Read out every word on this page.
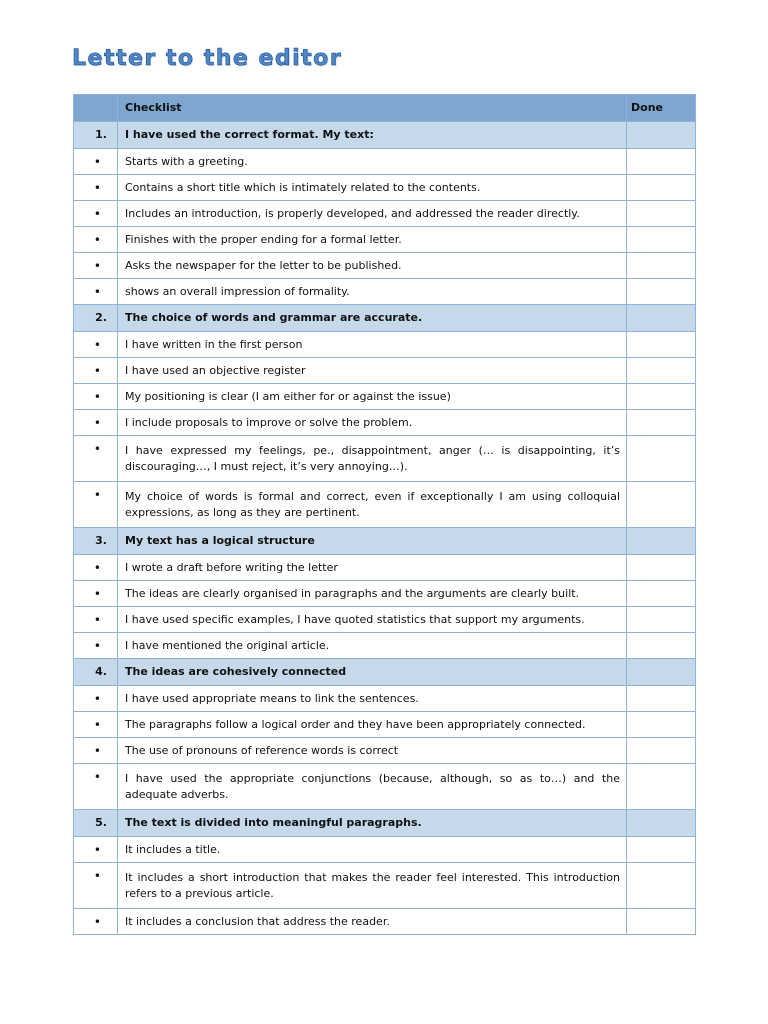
Letter to the editor
	Checklist	Done
1.	I have used the correct format. My text:	
•	Starts with a greeting.	
•	Contains a short title which is intimately related to the contents.	
•	Includes an introduction, is properly developed, and addressed the reader directly.	
•	Finishes with the proper ending for a formal letter.	
•	Asks the newspaper for the letter to be published.	
•	shows an overall impression of formality.	
2.	The choice of words and grammar are accurate.	
•	I have written in the first person	
•	I have used an objective register	
•	My positioning is clear (I am either for or against the issue)	
•	I include proposals to improve or solve the problem.	
•	I have expressed my feelings, pe., disappointment, anger (… is disappointing, it’s discouraging…, I must reject, it’s very annoying…).	
•	My choice of words is formal and correct, even if exceptionally I am using colloquial expressions, as long as they are pertinent.	
3.	My text has a logical structure	
•	I wrote a draft before writing the letter	
•	The ideas are clearly organised in paragraphs and the arguments are clearly built.	
•	I have used specific examples, I have quoted statistics that support my arguments.	
•	I have mentioned the original article.	
4.	The ideas are cohesively connected	
•	I have used appropriate means to link the sentences.	
•	The paragraphs follow a logical order and they have been appropriately connected.	
•	The use of pronouns of reference words is correct	
•	I have used the appropriate conjunctions (because, although, so as to…) and the adequate adverbs.	
5.	The text is divided into meaningful paragraphs.	
•	It includes a title.	
•	It includes a short introduction that makes the reader feel interested. This introduction refers to a previous article.	
•	It includes a conclusion that address the reader.	
